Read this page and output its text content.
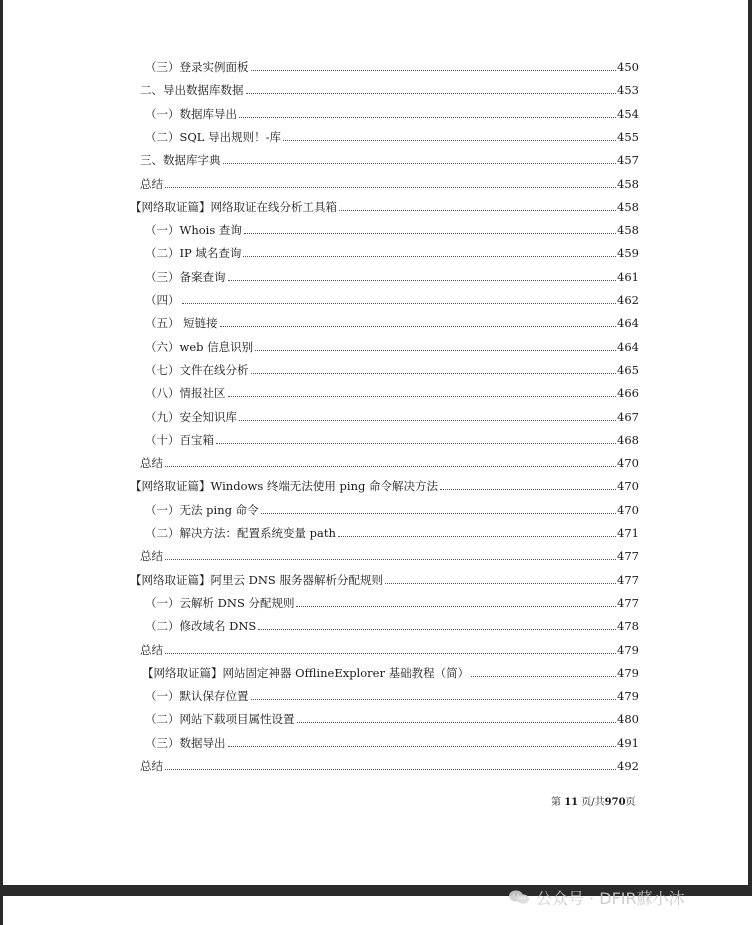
（三）登录实例面板	450
二、导出数据库数据	453
（一）数据库导出	454
（二）SQL 导出规则！-库	455
三、数据库字典	457
总结	458
【网络取证篇】网络取证在线分析工具箱	458
（一）Whois 查询	458
（二）IP 域名查询	459
（三）备案查询	461
（四）	462
（五） 短链接	464
（六）web 信息识别	464
（七）文件在线分析	465
（八）情报社区	466
（九）安全知识库	467
（十）百宝箱	468
总结	470
【网络取证篇】Windows 终端无法使用 ping 命令解决方法	470
（一）无法 ping 命令	470
（二）解决方法：配置系统变量 path	471
总结	477
【网络取证篇】阿里云 DNS 服务器解析分配规则	477
（一）云解析 DNS 分配规则	477
（二）修改域名 DNS	478
总结	479
【网络取证篇】网站固定神器 OfflineExplorer 基础教程（简）	479
（一）默认保存位置	479
（二）网站下载项目属性设置	480
（三）数据导出	491
总结	492
第 11 页/共970页
公众号 · DFIR蘇小沐
